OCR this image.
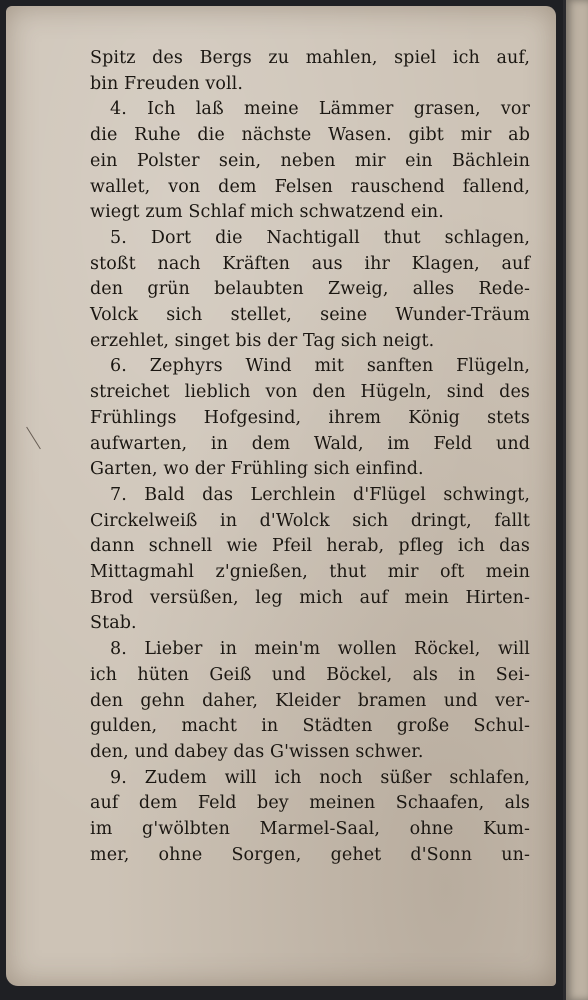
Spitz des Bergs zu mahlen, spiel ich auf,
bin Freuden voll.
4. Ich laß meine Lämmer grasen, vor
die Ruhe die nächste Wasen. gibt mir ab
ein Polster sein, neben mir ein Bächlein
wallet, von dem Felsen rauschend fallend,
wiegt zum Schlaf mich schwatzend ein.
5. Dort die Nachtigall thut schlagen,
stoßt nach Kräften aus ihr Klagen, auf
den grün belaubten Zweig, alles Rede-
Volck sich stellet, seine Wunder-Träum
erzehlet, singet bis der Tag sich neigt.
6. Zephyrs Wind mit sanften Flügeln,
streichet lieblich von den Hügeln, sind des
Frühlings Hofgesind, ihrem König stets
aufwarten, in dem Wald, im Feld und
Garten, wo der Frühling sich einfind.
7. Bald das Lerchlein d'Flügel schwingt,
Circkelweiß in d'Wolck sich dringt, fallt
dann schnell wie Pfeil herab, pfleg ich das
Mittagmahl z'gnießen, thut mir oft mein
Brod versüßen, leg mich auf mein Hirten-
Stab.
8. Lieber in mein'm wollen Röckel, will
ich hüten Geiß und Böckel, als in Sei-
den gehn daher, Kleider bramen und ver-
gulden, macht in Städten große Schul-
den, und dabey das G'wissen schwer.
9. Zudem will ich noch süßer schlafen,
auf dem Feld bey meinen Schaafen, als
im g'wölbten Marmel-Saal, ohne Kum-
mer, ohne Sorgen, gehet d'Sonn un-
